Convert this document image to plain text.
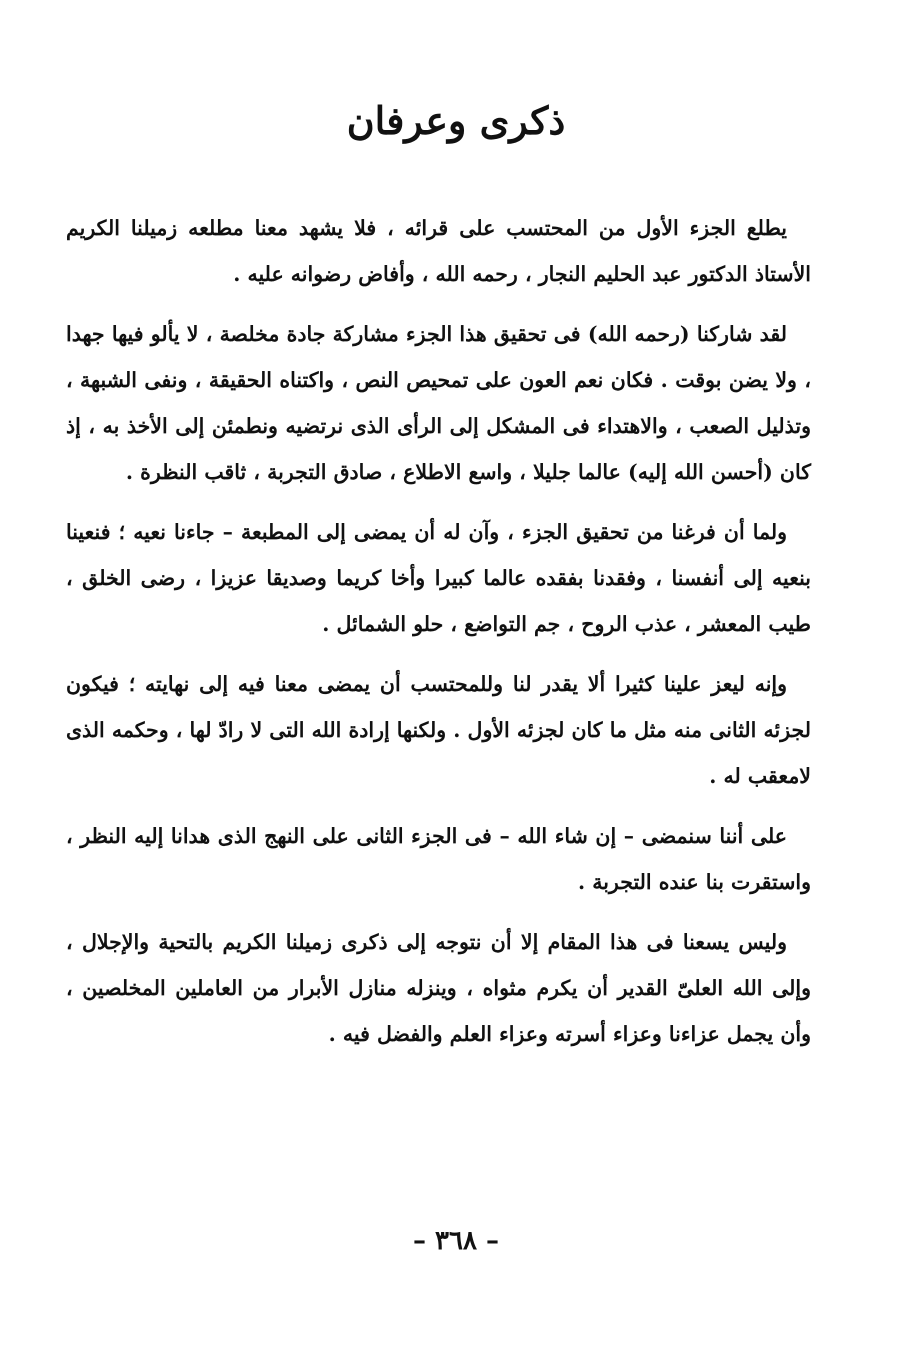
ذكرى وعرفان

يطلع الجزء الأول من المحتسب على قرائه ، فلا يشهد معنا مطلعه زميلنا الكريم الأستاذ الدكتور عبد الحليم النجار ، رحمه الله ، وأفاض رضوانه عليه .

لقد شاركنا (رحمه الله) فى تحقيق هذا الجزء مشاركة جادة مخلصة ، لا يألو فيها جهدا ، ولا يضن بوقت . فكان نعم العون على تمحيص النص ، واكتناه الحقيقة ، ونفى الشبهة ، وتذليل الصعب ، والاهتداء فى المشكل إلى الرأى الذى نرتضيه ونطمئن إلى الأخذ به ، إذ كان (أحسن الله إليه) عالما جليلا ، واسع الاطلاع ، صادق التجربة ، ثاقب النظرة .

ولما أن فرغنا من تحقيق الجزء ، وآن له أن يمضى إلى المطبعة – جاءنا نعيه ؛ فنعينا بنعيه إلى أنفسنا ، وفقدنا بفقده عالما كبيرا وأخا كريما وصديقا عزيزا ، رضى الخلق ، طيب المعشر ، عذب الروح ، جم التواضع ، حلو الشمائل .

وإنه ليعز علينا كثيرا ألا يقدر لنا وللمحتسب أن يمضى معنا فيه إلى نهايته ؛ فيكون لجزئه الثانى منه مثل ما كان لجزئه الأول . ولكنها إرادة الله التى لا رادّ لها ، وحكمه الذى لامعقب له .

على أننا سنمضى – إن شاء الله – فى الجزء الثانى على النهج الذى هدانا إليه النظر ، واستقرت بنا عنده التجربة .

وليس يسعنا فى هذا المقام إلا أن نتوجه إلى ذكرى زميلنا الكريم بالتحية والإجلال ، وإلى الله العلىّ القدير أن يكرم مثواه ، وينزله منازل الأبرار من العاملين المخلصين ، وأن يجمل عزاءنا وعزاء أسرته وعزاء العلم والفضل فيه .

– ٣٦٨ –
